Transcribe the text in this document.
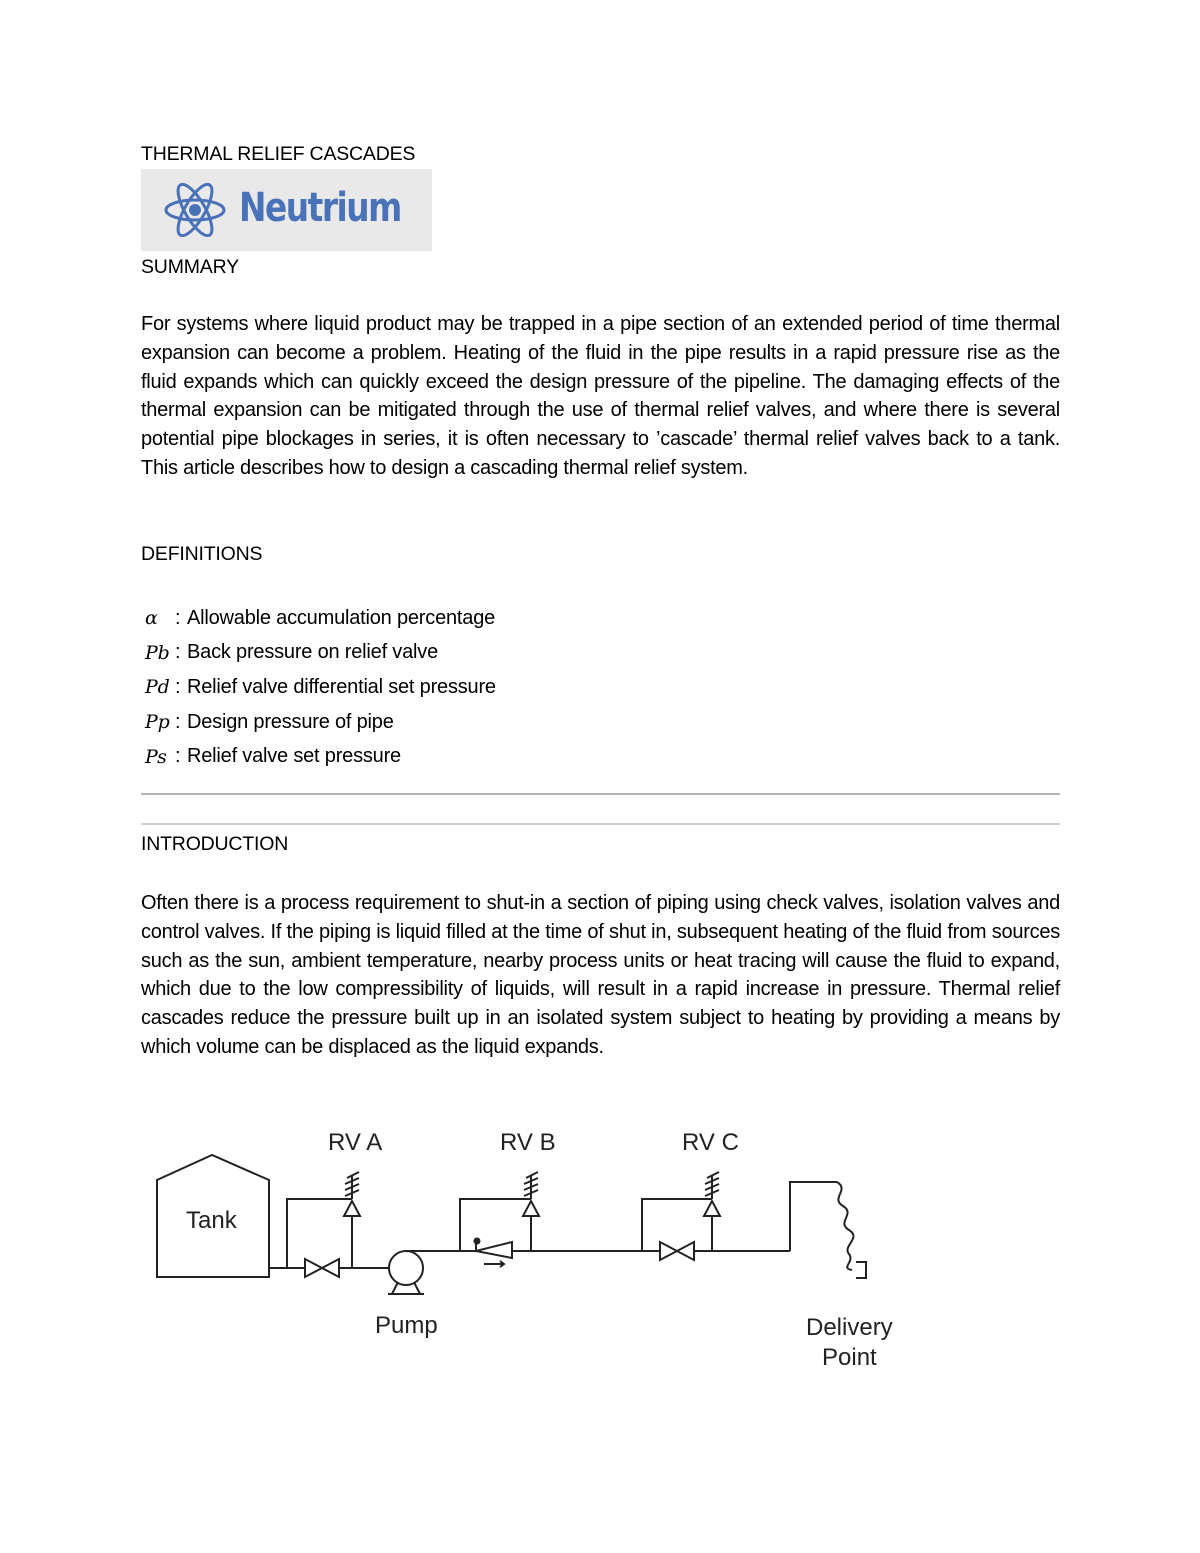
THERMAL RELIEF CASCADES
Neutrium
SUMMARY
For systems where liquid product may be trapped in a pipe section of an extended period of time thermal expansion can become a problem. Heating of the fluid in the pipe results in a rapid pressure rise as the fluid expands which can quickly exceed the design pressure of the pipeline. The damaging effects of the thermal expansion can be mitigated through the use of thermal relief valves, and where there is several potential pipe blockages in series, it is often necessary to ’cascade’ thermal relief valves back to a tank. This article describes how to design a cascading thermal relief system.
DEFINITIONS
α : Allowable accumulation percentage
Pb : Back pressure on relief valve
Pd : Relief valve differential set pressure
Pp : Design pressure of pipe
Ps : Relief valve set pressure
INTRODUCTION
Often there is a process requirement to shut-in a section of piping using check valves, isolation valves and control valves. If the piping is liquid filled at the time of shut in, subsequent heating of the fluid from sources such as the sun, ambient temperature, nearby process units or heat tracing will cause the fluid to expand, which due to the low compressibility of liquids, will result in a rapid increase in pressure. Thermal relief cascades reduce the pressure built up in an isolated system subject to heating by providing a means by which volume can be displaced as the liquid expands.
RV A	RV B	RV C
Tank
Pump	Delivery
Point
